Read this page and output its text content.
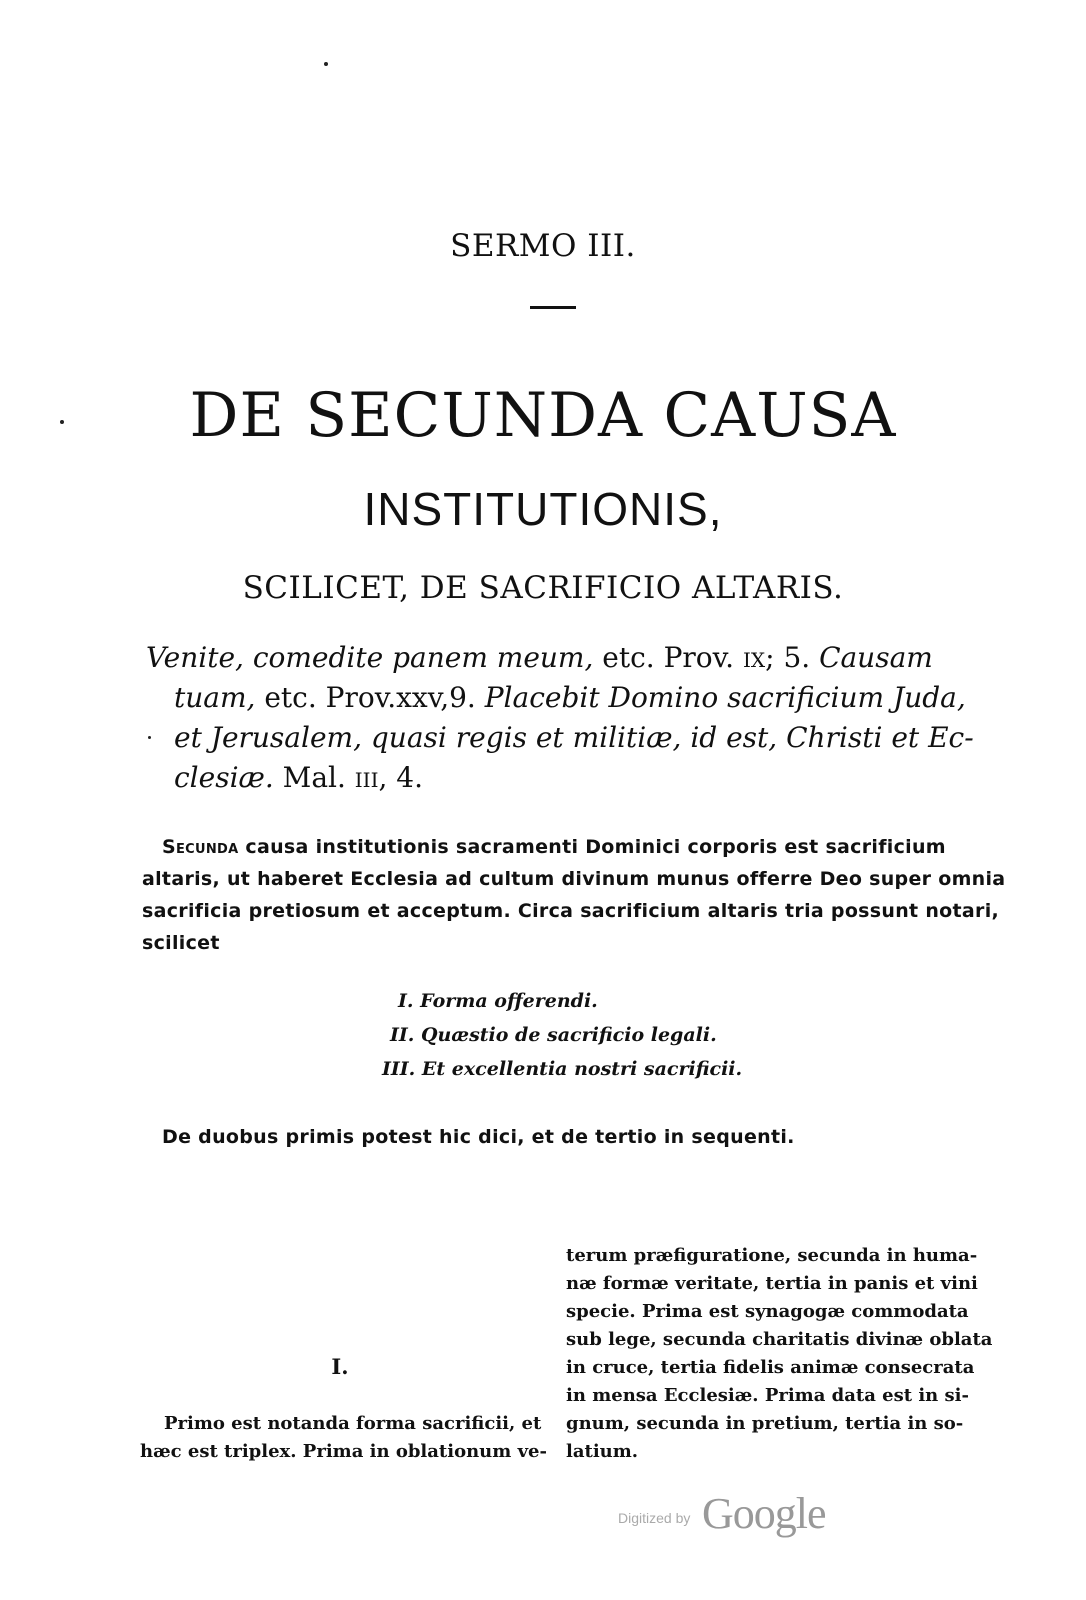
SERMO III.
DE SECUNDA CAUSA
INSTITUTIONIS,
SCILICET, DE SACRIFICIO ALTARIS.
Venite, comedite panem meum, etc. Prov. ix; 5. Causam
tuam, etc. Prov.xxv,9. Placebit Domino sacrificium Juda,
et Jerusalem, quasi regis et militiæ, id est, Christi et Ec-
clesiæ. Mal. iii, 4.
Secunda causa institutionis sacramenti Dominici corporis est sacrificium
altaris, ut haberet Ecclesia ad cultum divinum munus offerre Deo super omnia
sacrificia pretiosum et acceptum. Circa sacrificium altaris tria possunt notari,
scilicet
I. Forma offerendi.
II. Quæstio de sacrificio legali.
III. Et excellentia nostri sacrificii.
De duobus primis potest hic dici, et de tertio in sequenti.
I.
Primo est notanda forma sacrificii, et
hæc est triplex. Prima in oblationum ve-
terum præfiguratione, secunda in huma-
næ formæ veritate, tertia in panis et vini
specie. Prima est synagogæ commodata
sub lege, secunda charitatis divinæ oblata
in cruce, tertia fidelis animæ consecrata
in mensa Ecclesiæ. Prima data est in si-
gnum, secunda in pretium, tertia in so-
latium.
Digitized by Google
